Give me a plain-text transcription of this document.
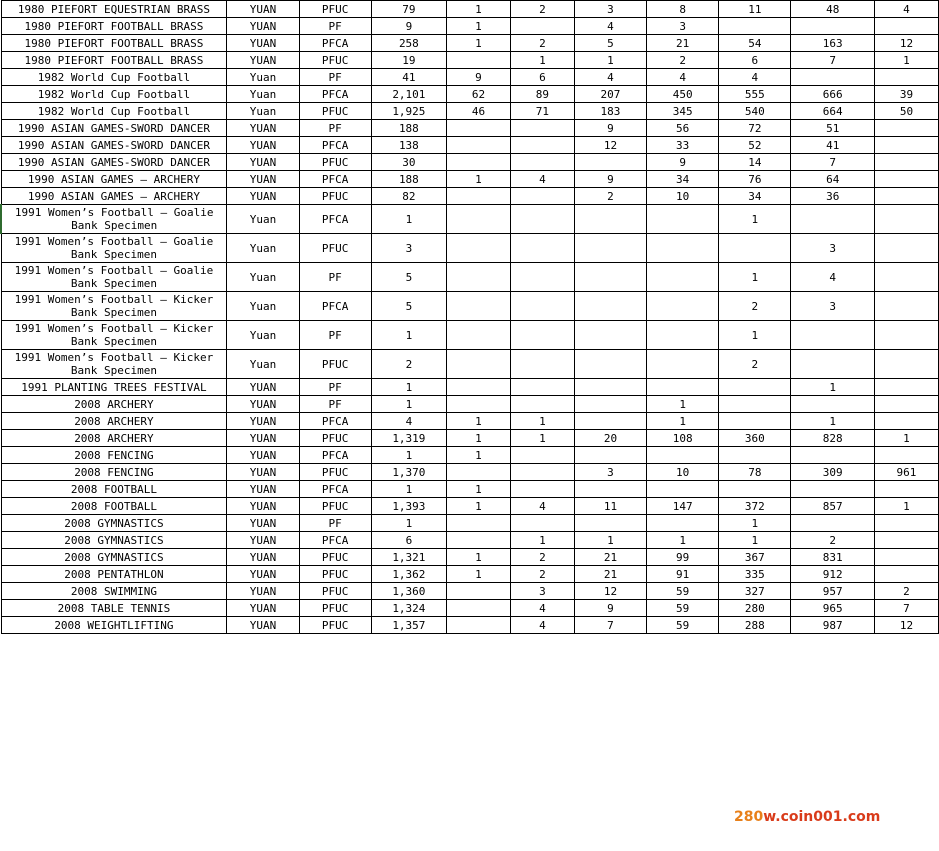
1980 PIEFORT EQUESTRIAN BRASS	YUAN	PFUC	79	1	2	3	8	11	48	4
1980 PIEFORT FOOTBALL BRASS	YUAN	PF	9	1		4	3			
1980 PIEFORT FOOTBALL BRASS	YUAN	PFCA	258	1	2	5	21	54	163	12
1980 PIEFORT FOOTBALL BRASS	YUAN	PFUC	19		1	1	2	6	7	1
1982 World Cup Football	Yuan	PF	41	9	6	4	4	4		
1982 World Cup Football	Yuan	PFCA	2,101	62	89	207	450	555	666	39
1982 World Cup Football	Yuan	PFUC	1,925	46	71	183	345	540	664	50
1990 ASIAN GAMES-SWORD DANCER	YUAN	PF	188			9	56	72	51	
1990 ASIAN GAMES-SWORD DANCER	YUAN	PFCA	138			12	33	52	41	
1990 ASIAN GAMES-SWORD DANCER	YUAN	PFUC	30				9	14	7	
1990 ASIAN GAMES – ARCHERY	YUAN	PFCA	188	1	4	9	34	76	64	
1990 ASIAN GAMES – ARCHERY	YUAN	PFUC	82			2	10	34	36	
1991 Women’s Football – Goalie Bank Specimen	Yuan	PFCA	1					1		
1991 Women’s Football – Goalie Bank Specimen	Yuan	PFUC	3						3	
1991 Women’s Football – Goalie Bank Specimen	Yuan	PF	5					1	4	
1991 Women’s Football – Kicker Bank Specimen	Yuan	PFCA	5					2	3	
1991 Women’s Football – Kicker Bank Specimen	Yuan	PF	1					1		
1991 Women’s Football – Kicker Bank Specimen	Yuan	PFUC	2					2		
1991 PLANTING TREES FESTIVAL	YUAN	PF	1						1	
2008 ARCHERY	YUAN	PF	1				1			
2008 ARCHERY	YUAN	PFCA	4	1	1		1		1	
2008 ARCHERY	YUAN	PFUC	1,319	1	1	20	108	360	828	1
2008 FENCING	YUAN	PFCA	1	1						
2008 FENCING	YUAN	PFUC	1,370			3	10	78	309	961
2008 FOOTBALL	YUAN	PFCA	1	1						
2008 FOOTBALL	YUAN	PFUC	1,393	1	4	11	147	372	857	1
2008 GYMNASTICS	YUAN	PF	1					1		
2008 GYMNASTICS	YUAN	PFCA	6		1	1	1	1	2	
2008 GYMNASTICS	YUAN	PFUC	1,321	1	2	21	99	367	831	
2008 PENTATHLON	YUAN	PFUC	1,362	1	2	21	91	335	912	
2008 SWIMMING	YUAN	PFUC	1,360		3	12	59	327	957	2
2008 TABLE TENNIS	YUAN	PFUC	1,324		4	9	59	280	965	7
2008 WEIGHTLIFTING	YUAN	PFUC	1,357		4	7	59	288	987	12
280w.coin001.com
